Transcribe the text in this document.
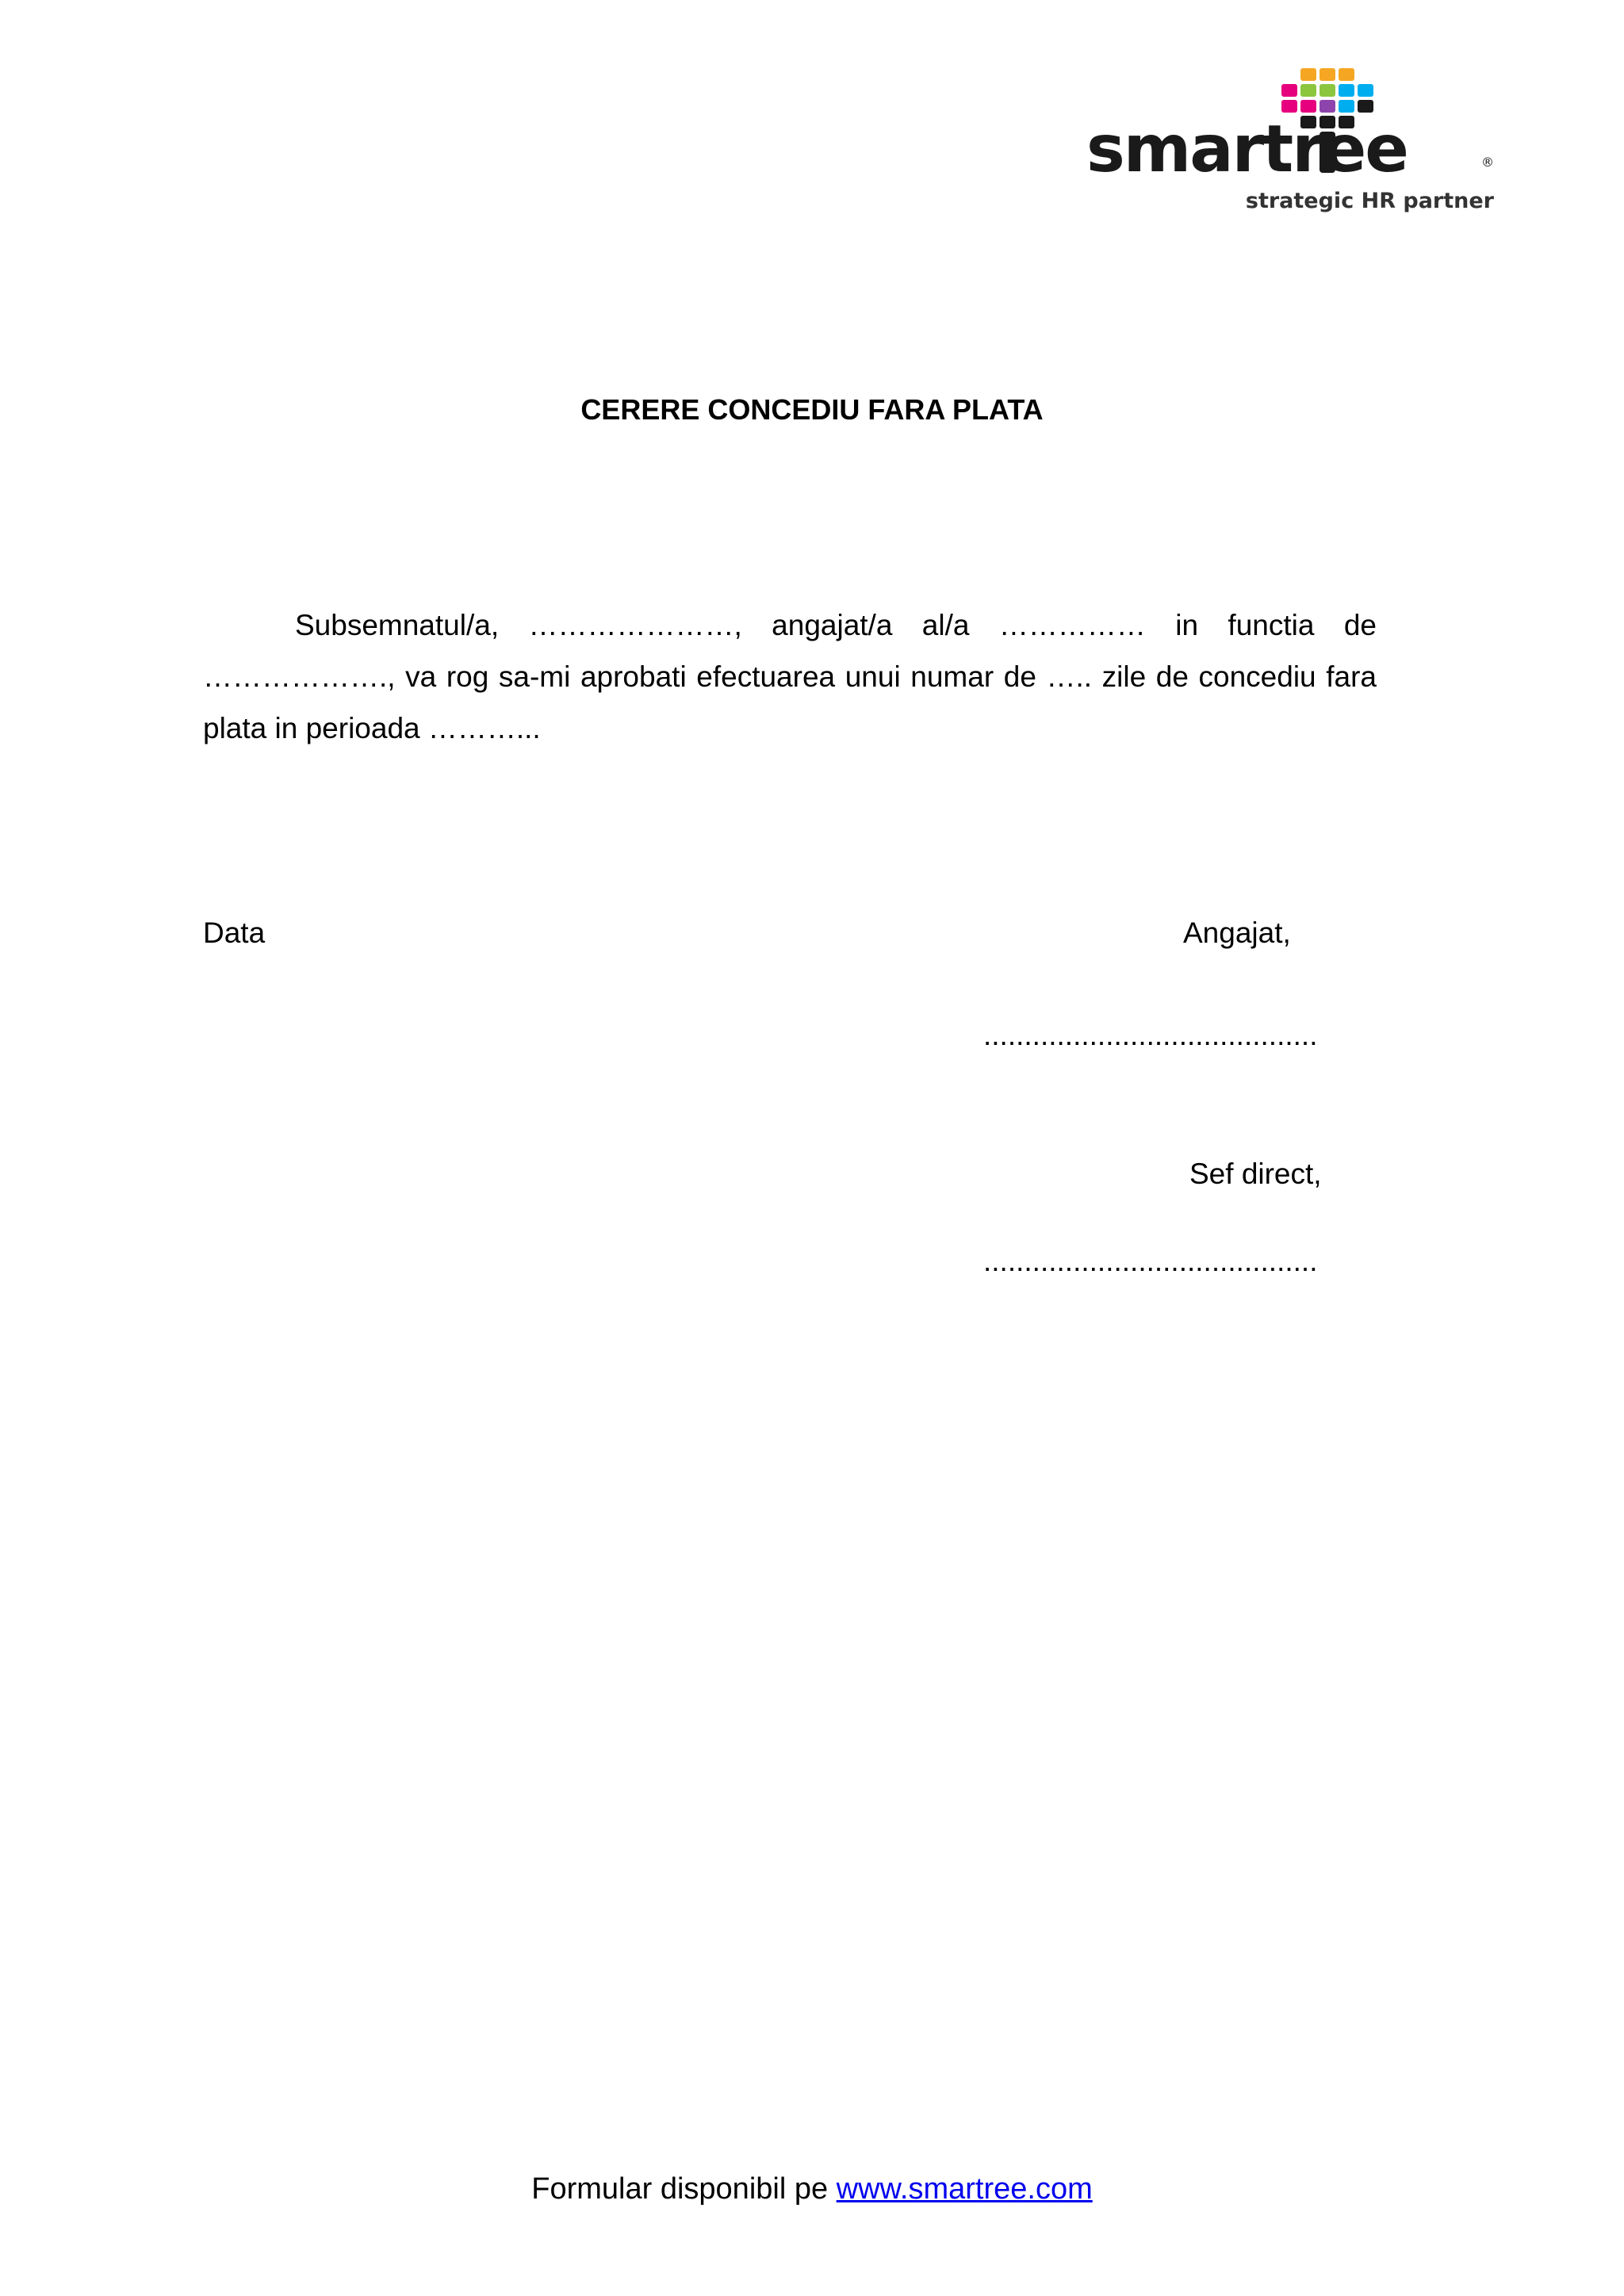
smartree	®
strategic HR partner
CERERE CONCEDIU FARA PLATA
Subsemnatul/a, …………………, angajat/a al/a …………… in functia de ………………., va rog sa-mi aprobati efectuarea unui numar de ….. zile de concediu fara plata in perioada ………...
Data	Angajat,
.........................................
Sef direct,
.........................................
Formular disponibil pe www.smartree.com
